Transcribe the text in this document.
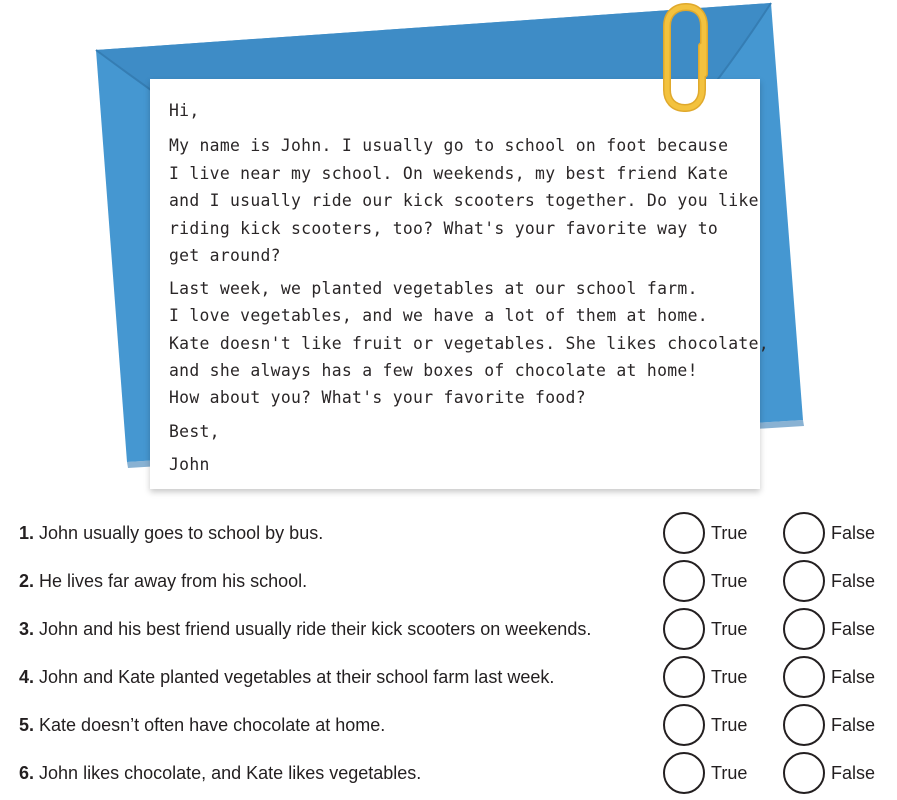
Hi,
My name is John. I usually go to school on foot because
I live near my school. On weekends, my best friend Kate
and I usually ride our kick scooters together. Do you like
riding kick scooters, too? What's your favorite way to
get around?
Last week, we planted vegetables at our school farm.
I love vegetables, and we have a lot of them at home.
Kate doesn't like fruit or vegetables. She likes chocolate,
and she always has a few boxes of chocolate at home!
How about you? What's your favorite food?
Best,
John
1. John usually goes to school by bus.	True	False
2. He lives far away from his school.	True	False
3. John and his best friend usually ride their kick scooters on weekends.	True	False
4. John and Kate planted vegetables at their school farm last week.	True	False
5. Kate doesn’t often have chocolate at home.	True	False
6. John likes chocolate, and Kate likes vegetables.	True	False
